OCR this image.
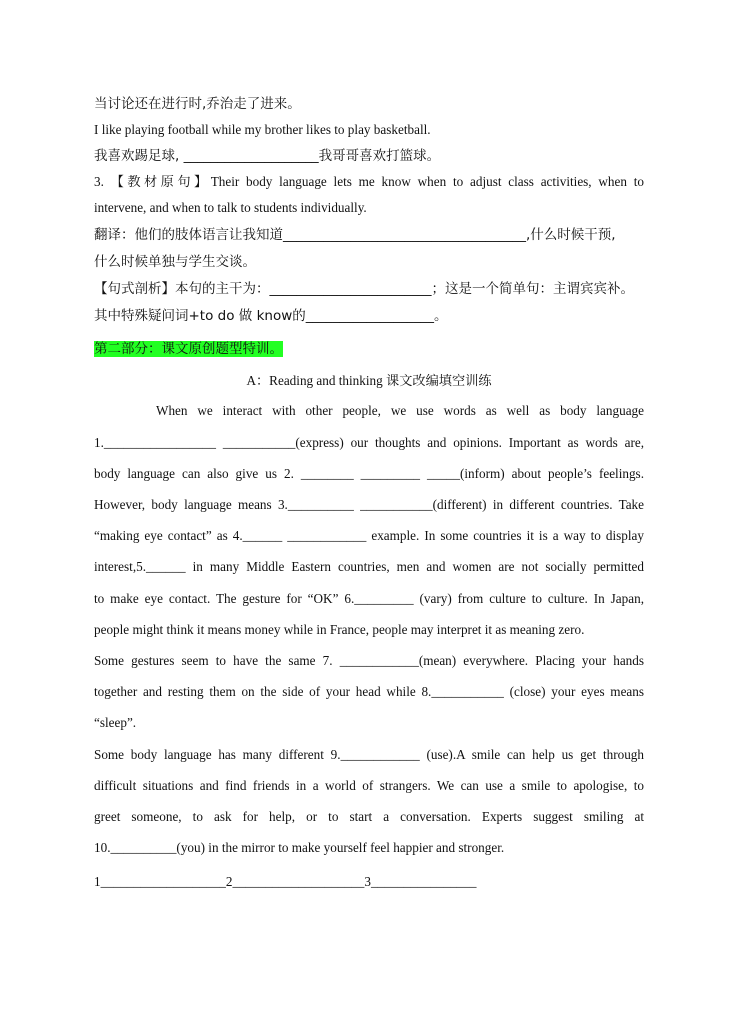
当讨论还在进行时,乔治走了进来。
I like playing football while my brother likes to play basketball.
我喜欢踢足球, ____________________我哥哥喜欢打篮球。
3. 【教材原句】Their body language lets me know when to adjust class activities, when to
intervene, and when to talk to students individually.
翻译：他们的肢体语言让我知道____________________________________,什么时候干预,
什么时候单独与学生交谈。
【句式剖析】本句的主干为：________________________；这是一个简单句：主谓宾宾补。
其中特殊疑问词+to do 做 know的___________________。
第二部分：课文原创题型特训。
A：Reading and thinking 课文改编填空训练
When we interact with other people, we use words as well as body language
1._________________ ___________(express) our thoughts and opinions. Important as words are,
body language can also give us 2. ________ _________ _____(inform) about people’s feelings.
However, body language means 3.__________ ___________(different) in different countries. Take
“making eye contact” as 4.______ ____________ example. In some countries it is a way to display
interest,5.______ in many Middle Eastern countries, men and women are not socially permitted
to make eye contact. The gesture for “OK” 6._________ (vary) from culture to culture. In Japan,
people might think it means money while in France, people may interpret it as meaning zero.
Some gestures seem to have the same 7. ____________(mean) everywhere. Placing your hands
together and resting them on the side of your head while 8.___________ (close) your eyes means
“sleep”.
Some body language has many different 9.____________ (use).A smile can help us get through
difficult situations and find friends in a world of strangers. We can use a smile to apologise, to
greet someone, to ask for help, or to start a conversation. Experts suggest smiling at
10.__________(you) in the mirror to make yourself feel happier and stronger.
1___________________2____________________3________________
